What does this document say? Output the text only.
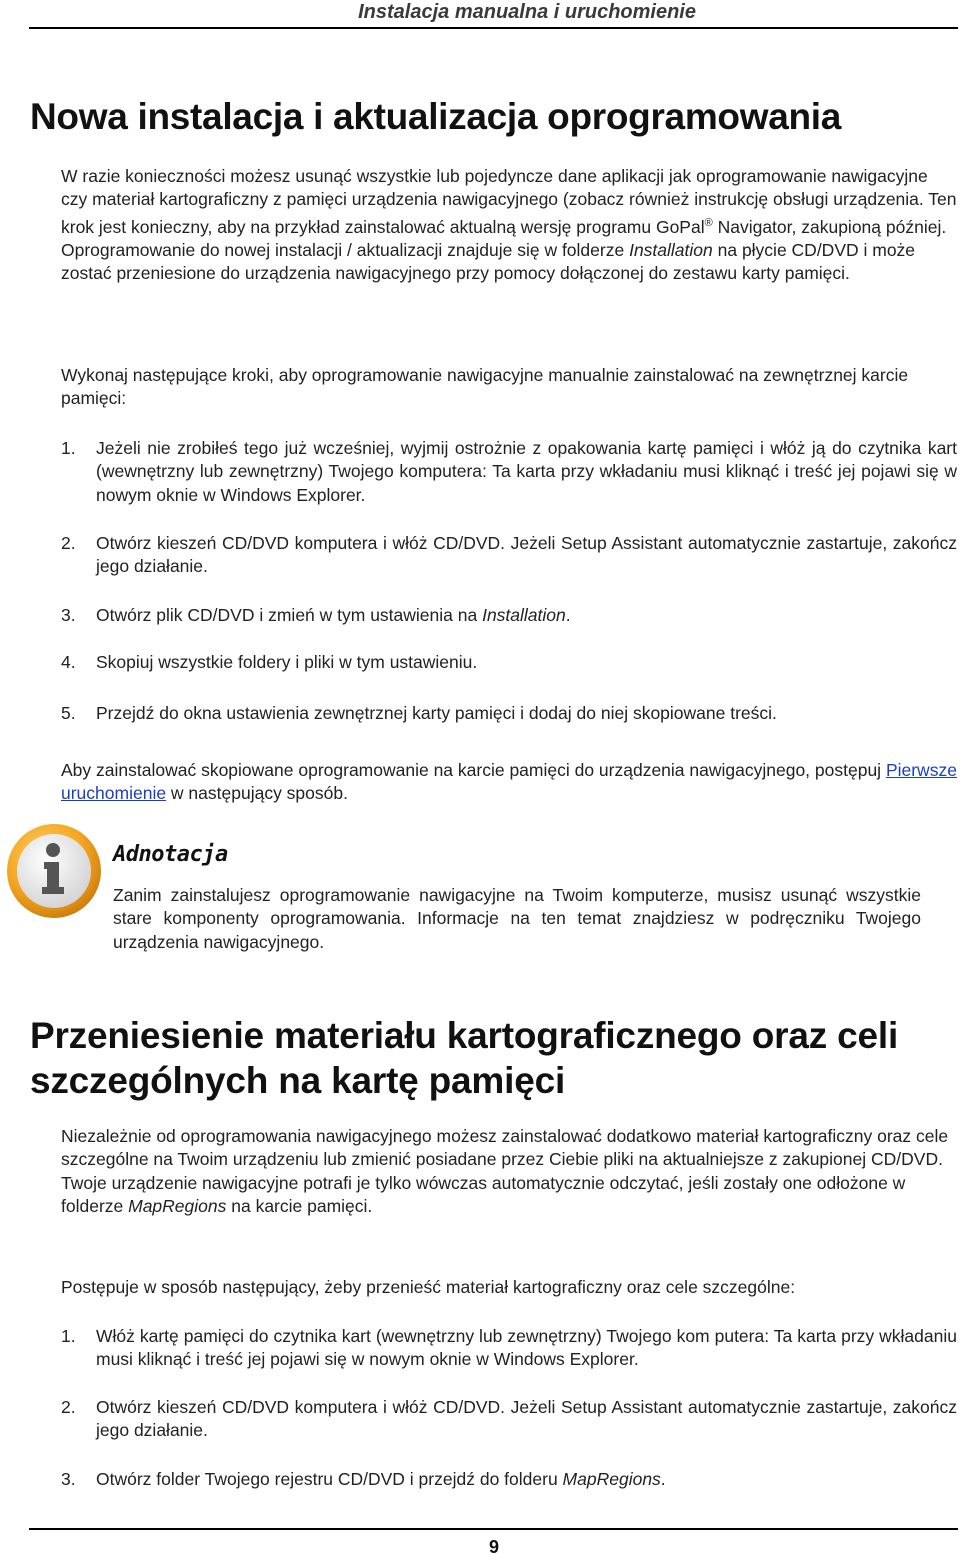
Instalacja manualna i uruchomienie
Nowa instalacja i aktualizacja oprogramowania

W razie konieczności możesz usunąć wszystkie lub pojedyncze dane aplikacji jak oprogramowanie nawigacyjne czy materiał kartograficzny z pamięci urządzenia nawigacyjnego (zobacz również instrukcję obsługi urządzenia. Ten krok jest konieczny, aby na przykład zainstalować aktualną wersję programu GoPal® Navigator, zakupioną później. Oprogramowanie do nowej instalacji / aktualizacji znajduje się w folderze Installation na płycie CD/DVD i może zostać przeniesione do urządzenia nawigacyjnego przy pomocy dołączonej do zestawu karty pamięci.

Wykonaj następujące kroki, aby oprogramowanie nawigacyjne manualnie zainstalować na zewnętrznej karcie pamięci:

1. Jeżeli nie zrobiłeś tego już wcześniej, wyjmij ostrożnie z opakowania kartę pamięci i włóż ją do czytnika kart (wewnętrzny lub zewnętrzny) Twojego komputera: Ta karta przy wkładaniu musi kliknąć i treść jej pojawi się w nowym oknie w Windows Explorer.
2. Otwórz kieszeń CD/DVD komputera i włóż CD/DVD. Jeżeli Setup Assistant automatycznie zastartuje, zakończ jego działanie.
3. Otwórz plik CD/DVD i zmień w tym ustawienia na Installation.
4. Skopiuj wszystkie foldery i pliki w tym ustawieniu.
5. Przejdź do okna ustawienia zewnętrznej karty pamięci i dodaj do niej skopiowane treści.

Aby zainstalować skopiowane oprogramowanie na karcie pamięci do urządzenia nawigacyjnego, postępuj Pierwsze uruchomienie w następujący sposób.

Adnotacja
Zanim zainstalujesz oprogramowanie nawigacyjne na Twoim komputerze, musisz usunąć wszystkie stare komponenty oprogramowania. Informacje na ten temat znajdziesz w podręczniku Twojego urządzenia nawigacyjnego.
Przeniesienie materiału kartograficznego oraz celi szczególnych na kartę pamięci

Niezależnie od oprogramowania nawigacyjnego możesz zainstalować dodatkowo materiał kartograficzny oraz cele szczególne na Twoim urządzeniu lub zmienić posiadane przez Ciebie pliki na aktualniejsze z zakupionej CD/DVD. Twoje urządzenie nawigacyjne potrafi je tylko wówczas automatycznie odczytać, jeśli zostały one odłożone w folderze MapRegions na karcie pamięci.

Postępuje w sposób następujący, żeby przenieść materiał kartograficzny oraz cele szczególne:

1. Włóż kartę pamięci do czytnika kart (wewnętrzny lub zewnętrzny) Twojego kom putera: Ta karta przy wkładaniu musi kliknąć i treść jej pojawi się w nowym oknie w Windows Explorer.
2. Otwórz kieszeń CD/DVD komputera i włóż CD/DVD. Jeżeli Setup Assistant automatycznie zastartuje, zakończ jego działanie.
3. Otwórz folder Twojego rejestru CD/DVD i przejdź do folderu MapRegions.
9
